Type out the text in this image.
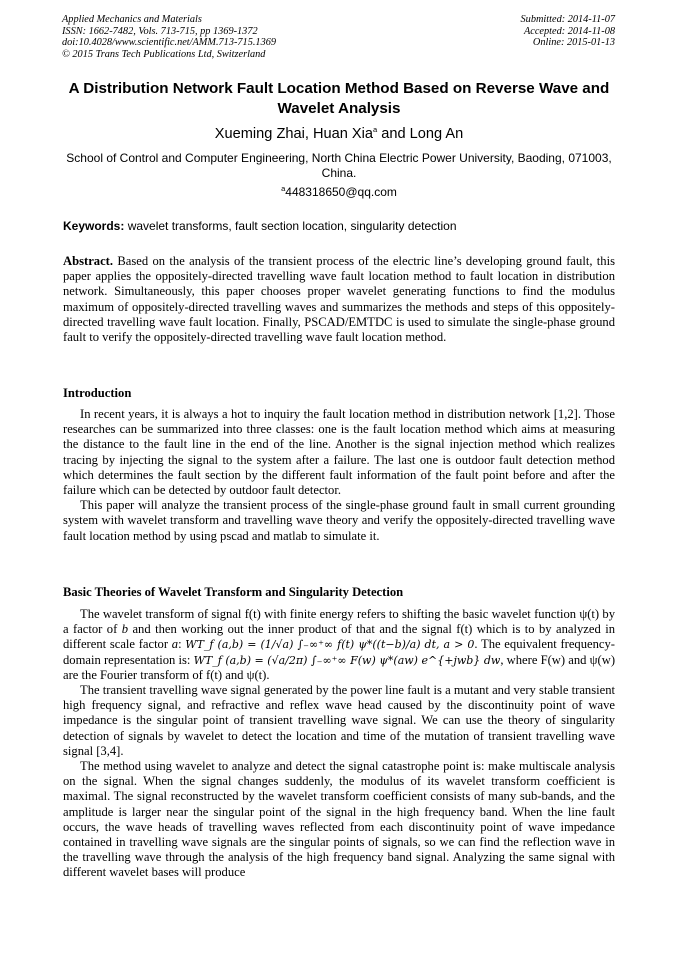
Applied Mechanics and Materials
ISSN: 1662-7482, Vols. 713-715, pp 1369-1372
doi:10.4028/www.scientific.net/AMM.713-715.1369
© 2015 Trans Tech Publications Ltd, Switzerland
Submitted: 2014-11-07
Accepted: 2014-11-08
Online: 2015-01-13
A Distribution Network Fault Location Method Based on Reverse Wave and Wavelet Analysis
Xueming Zhai, Huan Xia$^a$ and Long An
School of Control and Computer Engineering, North China Electric Power University, Baoding, 071003, China.
$^a$448318650@qq.com
Keywords: wavelet transforms, fault section location, singularity detection

Abstract. Based on the analysis of the transient process of the electric line’s developing ground fault, this paper applies the oppositely-directed travelling wave fault location method to fault location in distribution network. Simultaneously, this paper chooses proper wavelet generating functions to find the modulus maximum of oppositely-directed travelling waves and summarizes the methods and steps of this oppositely-directed travelling wave fault location. Finally, PSCAD/EMTDC is used to simulate the single-phase ground fault to verify the oppositely-directed travelling wave fault location method.

Introduction

In recent years, it is always a hot to inquiry the fault location method in distribution network [1,2]. Those researches can be summarized into three classes: one is the fault location method which aims at measuring the distance to the fault line in the end of the line. Another is the signal injection method which realizes tracing by injecting the signal to the system after a failure. The last one is outdoor fault detection method which determines the fault section by the different fault information of the fault point before and after the failure which can be detected by outdoor fault detector.

This paper will analyze the transient process of the single-phase ground fault in small current grounding system with wavelet transform and travelling wave theory and verify the oppositely-directed travelling wave fault location method by using pscad and matlab to simulate it.

Basic Theories of Wavelet Transform and Singularity Detection

The wavelet transform of signal f(t) with finite energy refers to shifting the basic wavelet function ψ(t) by a factor of b and then working out the inner product of that and the signal f(t) which is to by analyzed in different scale factor a: WT_f (a,b) = (1/√a) ∫₋∞⁺∞ f(t) ψ*((t−b)/a) dt, a > 0. The equivalent frequency-domain representation is: WT_f (a,b) = (√a/2π) ∫₋∞⁺∞ F(w) ψ*(aw) e^{+jwb} dw, where F(w) and ψ(w) are the Fourier transform of f(t) and ψ(t).

The transient travelling wave signal generated by the power line fault is a mutant and very stable transient high frequency signal, and refractive and reflex wave head caused by the discontinuity point of wave impedance is the singular point of transient travelling wave signal. We can use the theory of singularity detection of signals by wavelet to detect the location and time of the mutation of transient travelling wave signal [3,4].

The method using wavelet to analyze and detect the signal catastrophe point is: make multiscale analysis on the signal. When the signal changes suddenly, the modulus of its wavelet transform coefficient is maximal. The signal reconstructed by the wavelet transform coefficient consists of many sub-bands, and the amplitude is larger near the singular point of the signal in the high frequency band. When the line fault occurs, the wave heads of travelling waves reflected from each discontinuity point of wave impedance contained in travelling wave signals are the singular points of signals, so we can find the reflection wave in the travelling wave through the analysis of the high frequency band signal. Analyzing the same signal with different wavelet bases will produce
